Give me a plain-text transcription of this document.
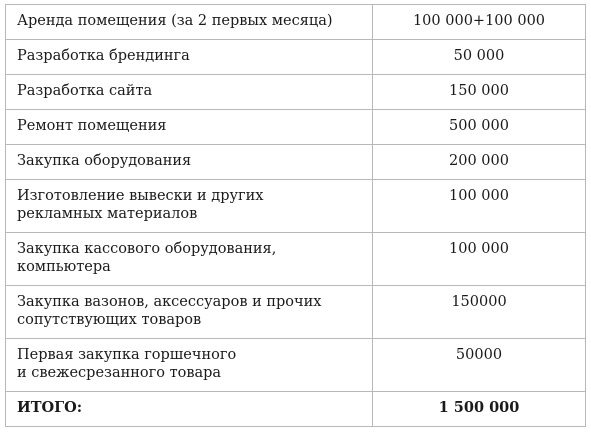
Аренда помещения (за 2 первых месяца)	100 000+100 000
Разработка брендинга	50 000
Разработка сайта	150 000
Ремонт помещения	500 000
Закупка оборудования	200 000
Изготовление вывески и других
рекламных материалов	100 000
Закупка кассового оборудования,
компьютера	100 000
Закупка вазонов, аксессуаров и прочих
сопутствующих товаров	150000
Первая закупка горшечного
и свежесрезанного товара	50000
ИТОГО:	1 500 000
